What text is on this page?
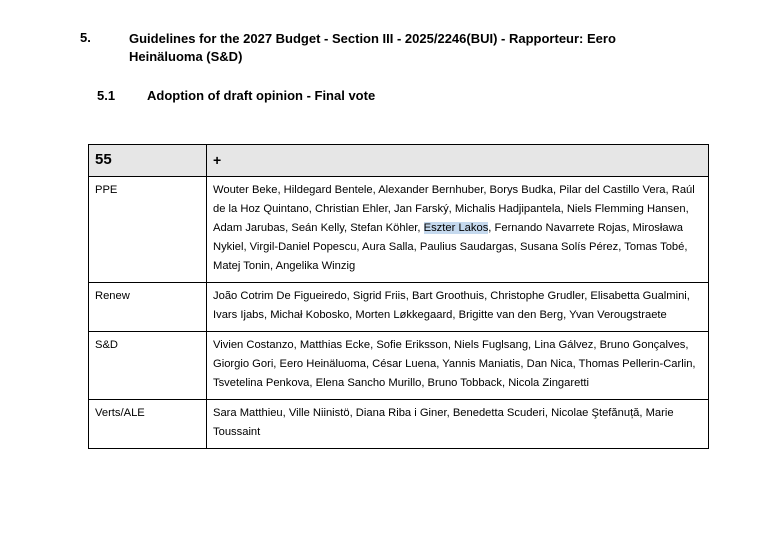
5.	Guidelines for the 2027 Budget - Section III - 2025/2246(BUI) - Rapporteur: Eero Heinäluoma (S&D)
5.1 Adoption of draft opinion - Final vote
55	+
PPE	Wouter Beke, Hildegard Bentele, Alexander Bernhuber, Borys Budka, Pilar del Castillo Vera, Raúl de la Hoz Quintano, Christian Ehler, Jan Farský, Michalis Hadjipantela, Niels Flemming Hansen, Adam Jarubas, Seán Kelly, Stefan Köhler, Eszter Lakos, Fernando Navarrete Rojas, Mirosława Nykiel, Virgil-Daniel Popescu, Aura Salla, Paulius Saudargas, Susana Solís Pérez, Tomas Tobé, Matej Tonin, Angelika Winzig
Renew	João Cotrim De Figueiredo, Sigrid Friis, Bart Groothuis, Christophe Grudler, Elisabetta Gualmini, Ivars Ijabs, Michał Kobosko, Morten Løkkegaard, Brigitte van den Berg, Yvan Verougstraete
S&D	Vivien Costanzo, Matthias Ecke, Sofie Eriksson, Niels Fuglsang, Lina Gálvez, Bruno Gonçalves, Giorgio Gori, Eero Heinäluoma, César Luena, Yannis Maniatis, Dan Nica, Thomas Pellerin-Carlin, Tsvetelina Penkova, Elena Sancho Murillo, Bruno Tobback, Nicola Zingaretti
Verts/ALE	Sara Matthieu, Ville Niinistö, Diana Riba i Giner, Benedetta Scuderi, Nicolae Ştefănuță, Marie Toussaint
